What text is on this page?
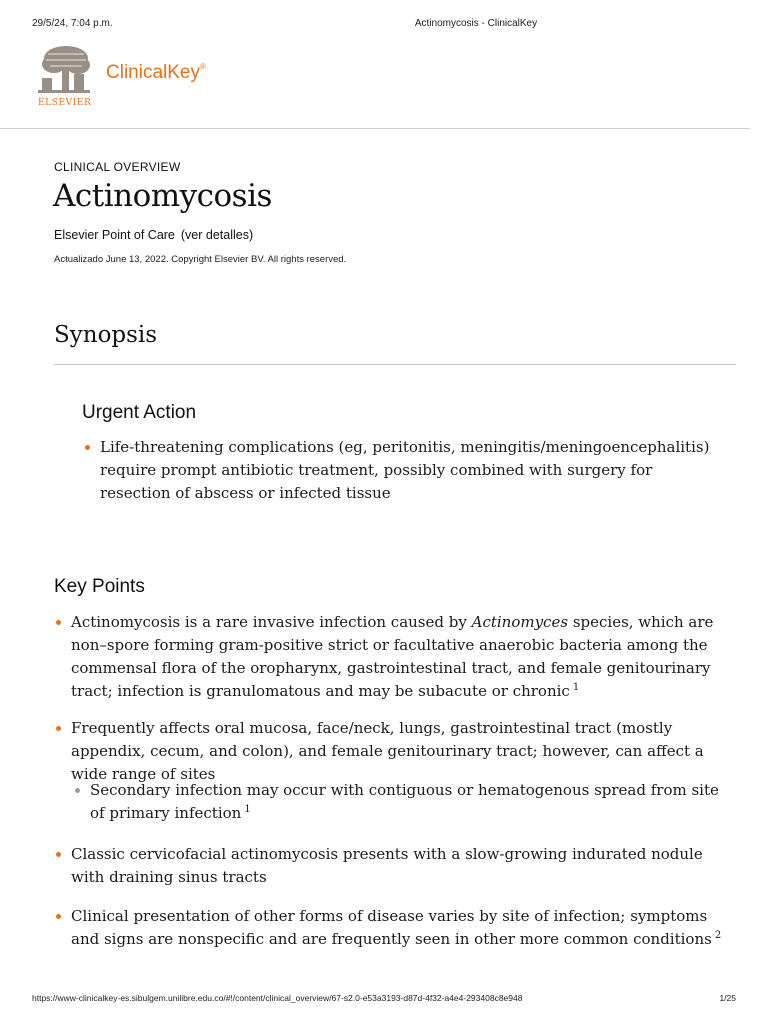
29/5/24, 7:04 p.m.	Actinomycosis - ClinicalKey
ELSEVIER
ClinicalKey®
CLINICAL OVERVIEW
Actinomycosis
Elsevier Point of Care (ver detalles)
Actualizado June 13, 2022. Copyright Elsevier BV. All rights reserved.
Synopsis
Urgent Action

Life-threatening complications (eg, peritonitis, meningitis/meningoencephalitis) require prompt antibiotic treatment, possibly combined with surgery for resection of abscess or infected tissue

Key Points

Actinomycosis is a rare invasive infection caused by Actinomyces species, which are non–spore forming gram-positive strict or facultative anaerobic bacteria among the commensal flora of the oropharynx, gastrointestinal tract, and female genitourinary tract; infection is granulomatous and may be subacute or chronic $^1$

Frequently affects oral mucosa, face/neck, lungs, gastrointestinal tract (mostly appendix, cecum, and colon), and female genitourinary tract; however, can affect a wide range of sites

Secondary infection may occur with contiguous or hematogenous spread from site of primary infection $^1$

Classic cervicofacial actinomycosis presents with a slow-growing indurated nodule with draining sinus tracts

Clinical presentation of other forms of disease varies by site of infection; symptoms and signs are nonspecific and are frequently seen in other more common conditions $^2$

https://www-clinicalkey-es.sibulgem.unilibre.edu.co/#!/content/clinical_overview/67-s2.0-e53a3193-d87d-4f32-a4e4-293408c8e948	1/25
